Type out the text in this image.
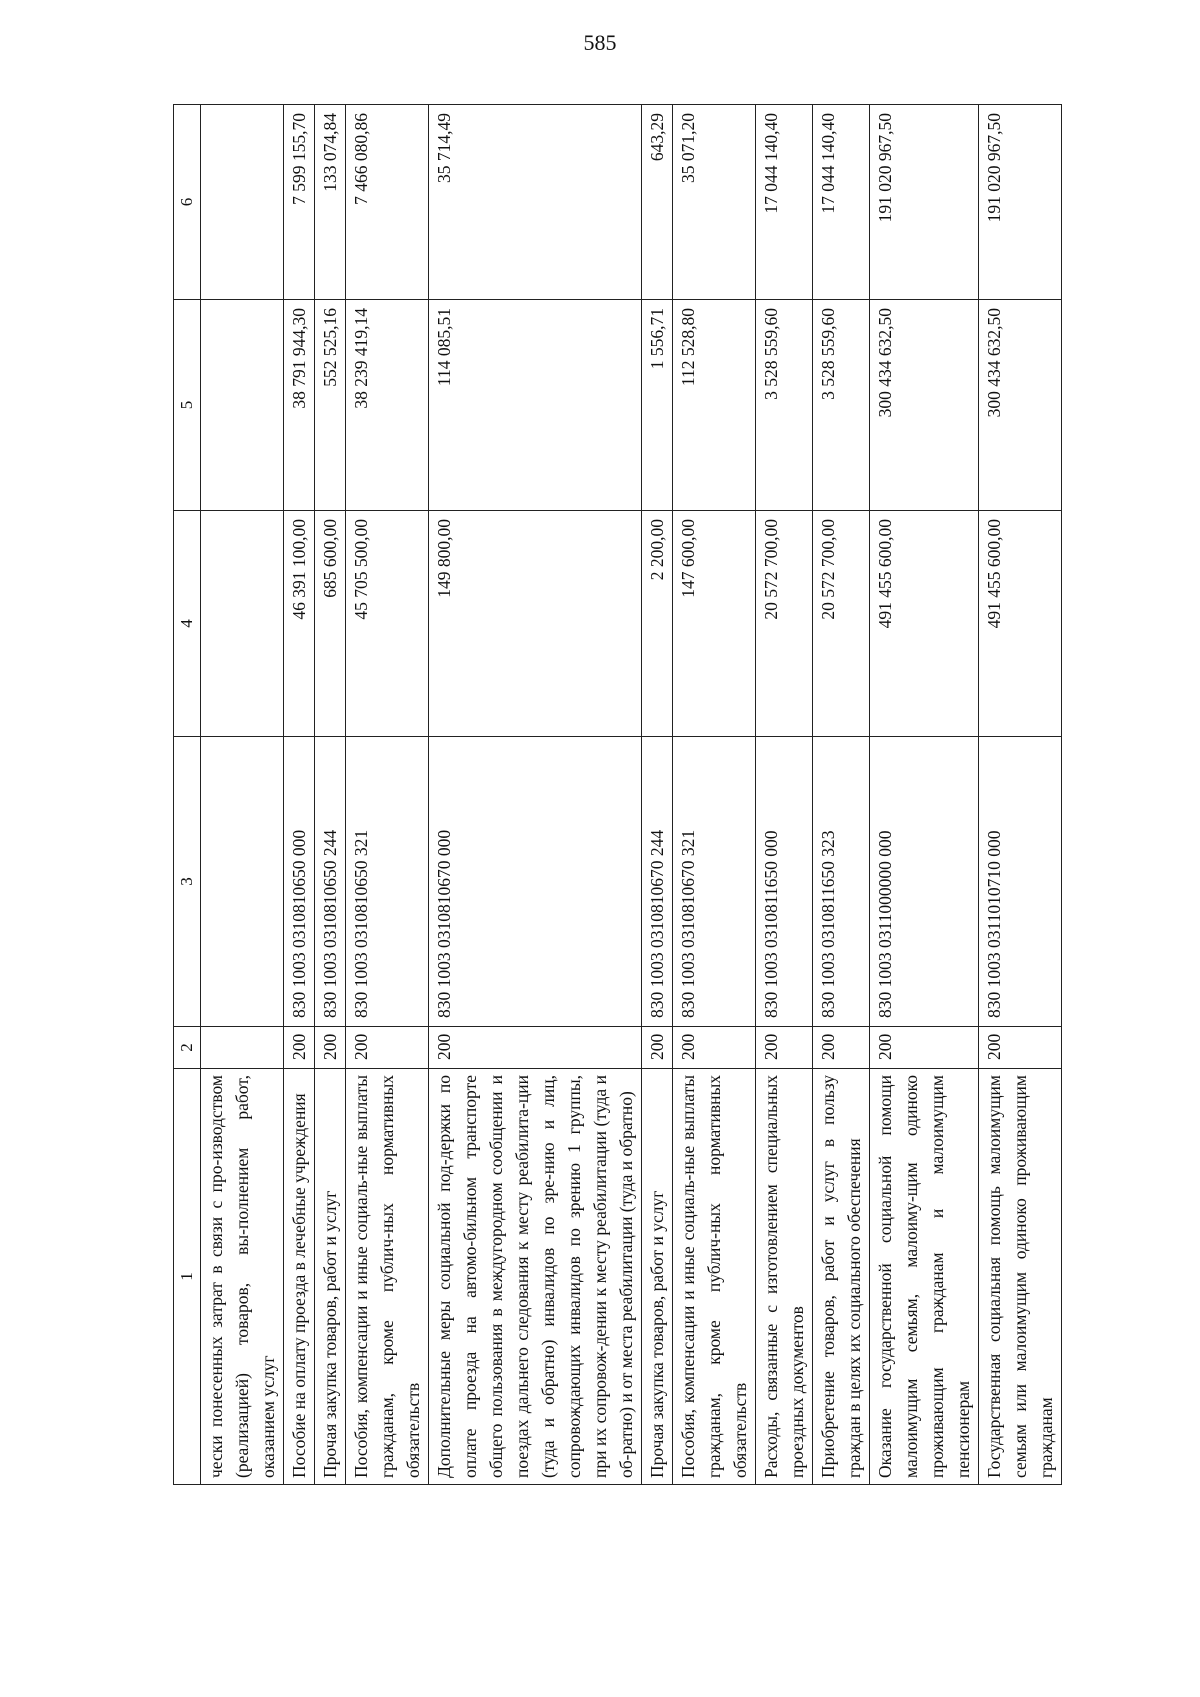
585
1	2	3	4	5	6
чески понесенных затрат в связи с про-изводством (реализацией) товаров, вы-полнением работ, оказанием услуг					
Пособие на оплату проезда в лечебные учреждения	200	830 1003 0310810650 000	46 391 100,00	38 791 944,30	7 599 155,70
Прочая закупка товаров, работ и услуг	200	830 1003 0310810650 244	685 600,00	552 525,16	133 074,84
Пособия, компенсации и иные социаль-ные выплаты гражданам, кроме публич-ных нормативных обязательств	200	830 1003 0310810650 321	45 705 500,00	38 239 419,14	7 466 080,86
Дополнительные меры социальной под-держки по оплате проезда на автомо-бильном транспорте общего пользования в междугородном сообщении и поездах дальнего следования к месту реабилита-ции (туда и обратно) инвалидов по зре-нию и лиц, сопровождающих инвалидов по зрению 1 группы, при их сопровож-дении к месту реабилитации (туда и об-ратно) и от места реабилитации (туда и обратно)	200	830 1003 0310810670 000	149 800,00	114 085,51	35 714,49
Прочая закупка товаров, работ и услуг	200	830 1003 0310810670 244	2 200,00	1 556,71	643,29
Пособия, компенсации и иные социаль-ные выплаты гражданам, кроме публич-ных нормативных обязательств	200	830 1003 0310810670 321	147 600,00	112 528,80	35 071,20
Расходы, связанные с изготовлением специальных проездных документов	200	830 1003 0310811650 000	20 572 700,00	3 528 559,60	17 044 140,40
Приобретение товаров, работ и услуг в пользу граждан в целях их социального обеспечения	200	830 1003 0310811650 323	20 572 700,00	3 528 559,60	17 044 140,40
Оказание государственной социальной помощи малоимущим семьям, малоиму-щим одиноко проживающим гражданам и малоимущим пенсионерам	200	830 1003 0311000000 000	491 455 600,00	300 434 632,50	191 020 967,50
Государственная социальная помощь малоимущим семьям или малоимущим одиноко проживающим гражданам	200	830 1003 0311010710 000	491 455 600,00	300 434 632,50	191 020 967,50
